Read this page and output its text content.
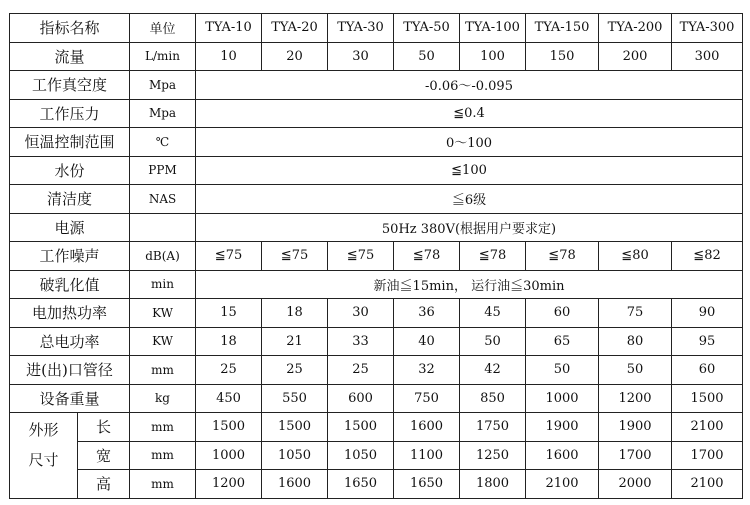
指标名称		单位	TYA-10	TYA-20	TYA-30	TYA-50	TYA-100	TYA-150	TYA-200	TYA-300
流量		L/min	10	20	30	50	100	150	200	300
工作真空度		Mpa	-0.06～-0.095							
工作压力		Mpa	≦0.4							
恒温控制范围		℃	0～100							
水份		PPM	≦100							
清洁度		NAS	≦6级							
电源			50Hz 380V(根据用户要求定)							
工作噪声		dB(A)	≦75	≦75	≦75	≦78	≦78	≦78	≦80	≦82
破乳化值		min	新油≦15min， 运行油≦30min							
电加热功率		KW	15	18	30	36	45	60	75	90
总电功率		KW	18	21	33	40	50	65	80	95
进(出)口管径		mm	25	25	25	32	42	50	50	60
设备重量		kg	450	550	600	750	850	1000	1200	1500

外形
尺寸	长	mm	1500	1500	1500	1600	1750	1900	1900	2100
	宽	mm	1000	1050	1050	1100	1250	1600	1700	1700
	高	mm	1200	1600	1650	1650	1800	2100	2000	2100
